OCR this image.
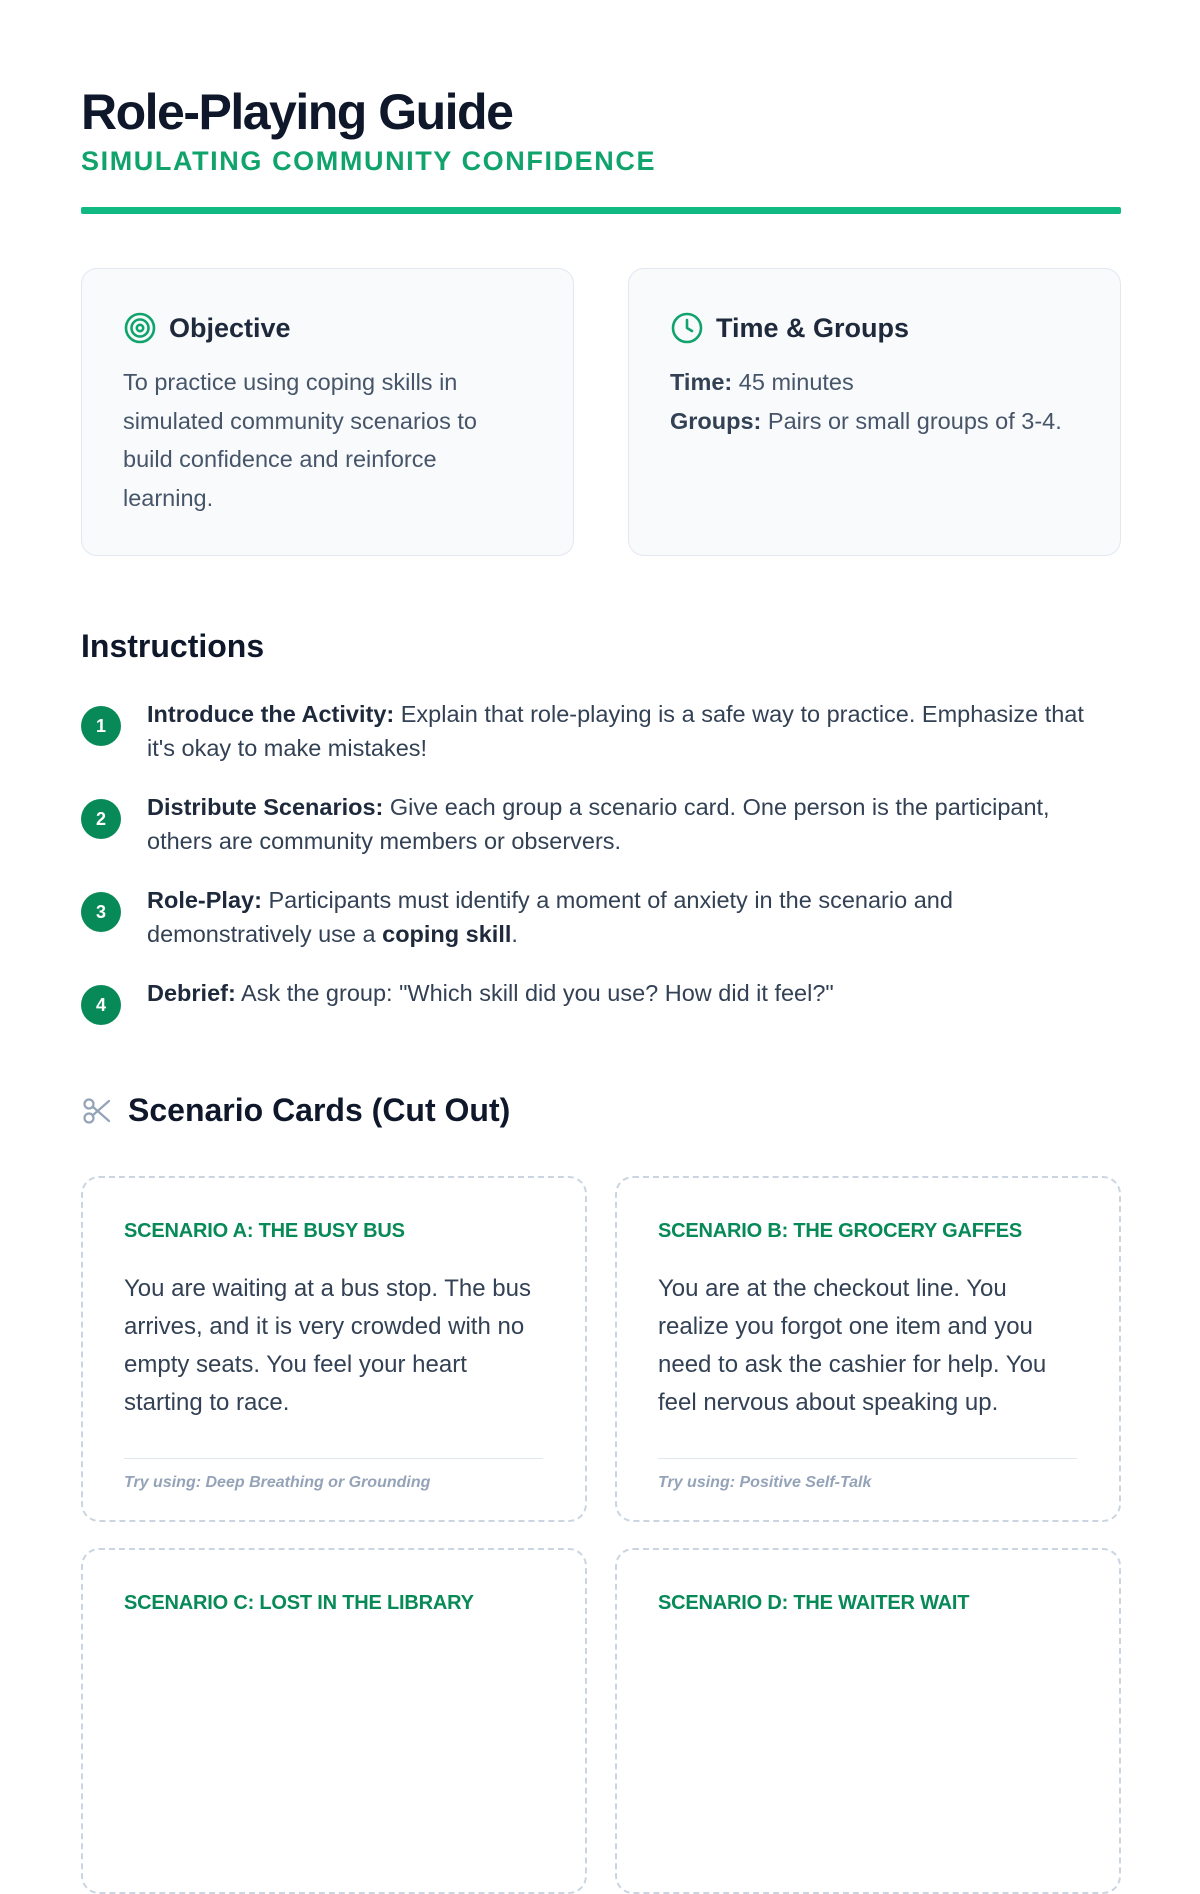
Role-Playing Guide
SIMULATING COMMUNITY CONFIDENCE
Objective

To practice using coping skills in simulated community scenarios to build confidence and reinforce learning.

Time & Groups

Time: 45 minutes

Groups: Pairs or small groups of 3-4.

Instructions
1	Introduce the Activity: Explain that role-playing is a safe way to practice. Emphasize that it's okay to make mistakes!
2	Distribute Scenarios: Give each group a scenario card. One person is the participant, others are community members or observers.
3	Role-Play: Participants must identify a moment of anxiety in the scenario and demonstratively use a coping skill.
4	Debrief: Ask the group: "Which skill did you use? How did it feel?"
Scenario Cards (Cut Out)
SCENARIO A: THE BUSY BUS
You are waiting at a bus stop. The bus arrives, and it is very crowded with no empty seats. You feel your heart starting to race.
Try using: Deep Breathing or Grounding
SCENARIO B: THE GROCERY GAFFES
You are at the checkout line. You realize you forgot one item and you need to ask the cashier for help. You feel nervous about speaking up.
Try using: Positive Self-Talk
SCENARIO C: LOST IN THE LIBRARY	SCENARIO D: THE WAITER WAIT
